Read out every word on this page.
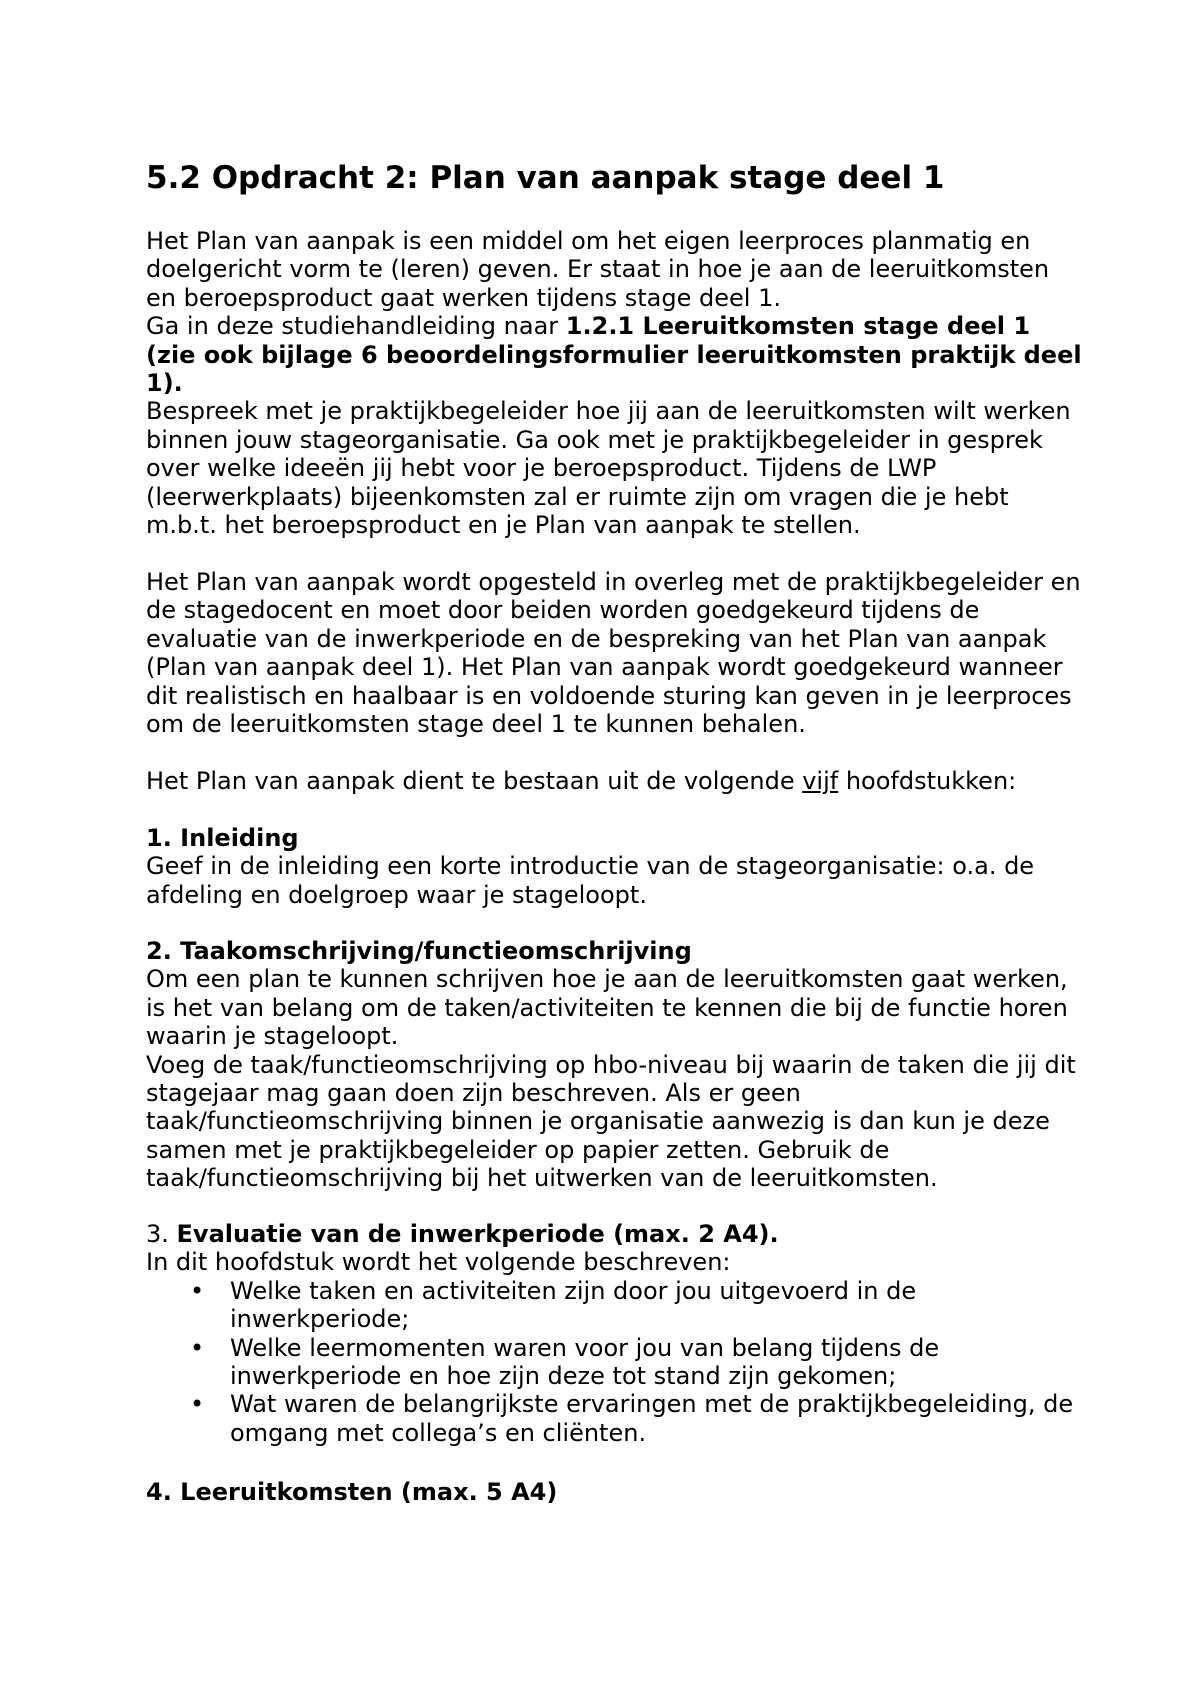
5.2 Opdracht 2: Plan van aanpak stage deel 1
Het Plan van aanpak is een middel om het eigen leerproces planmatig en doelgericht vorm te (leren) geven. Er staat in hoe je aan de leeruitkomsten en beroepsproduct gaat werken tijdens stage deel 1.
Ga in deze studiehandleiding naar 1.2.1 Leeruitkomsten stage deel 1 (zie ook bijlage 6 beoordelingsformulier leeruitkomsten praktijk deel 1).
Bespreek met je praktijkbegeleider hoe jij aan de leeruitkomsten wilt werken binnen jouw stageorganisatie. Ga ook met je praktijkbegeleider in gesprek over welke ideeën jij hebt voor je beroepsproduct. Tijdens de LWP (leerwerkplaats) bijeenkomsten zal er ruimte zijn om vragen die je hebt m.b.t. het beroepsproduct en je Plan van aanpak te stellen.
Het Plan van aanpak wordt opgesteld in overleg met de praktijkbegeleider en de stagedocent en moet door beiden worden goedgekeurd tijdens de evaluatie van de inwerkperiode en de bespreking van het Plan van aanpak (Plan van aanpak deel 1). Het Plan van aanpak wordt goedgekeurd wanneer dit realistisch en haalbaar is en voldoende sturing kan geven in je leerproces om de leeruitkomsten stage deel 1 te kunnen behalen.
Het Plan van aanpak dient te bestaan uit de volgende vijf hoofdstukken:
1. Inleiding
Geef in de inleiding een korte introductie van de stageorganisatie: o.a. de afdeling en doelgroep waar je stageloopt.
2. Taakomschrijving/functieomschrijving
Om een plan te kunnen schrijven hoe je aan de leeruitkomsten gaat werken, is het van belang om de taken/activiteiten te kennen die bij de functie horen waarin je stageloopt.
Voeg de taak/functieomschrijving op hbo-niveau bij waarin de taken die jij dit stagejaar mag gaan doen zijn beschreven. Als er geen taak/functieomschrijving binnen je organisatie aanwezig is dan kun je deze samen met je praktijkbegeleider op papier zetten. Gebruik de taak/functieomschrijving bij het uitwerken van de leeruitkomsten.
3. Evaluatie van de inwerkperiode (max. 2 A4).
In dit hoofdstuk wordt het volgende beschreven:
• Welke taken en activiteiten zijn door jou uitgevoerd in de inwerkperiode;
• Welke leermomenten waren voor jou van belang tijdens de inwerkperiode en hoe zijn deze tot stand zijn gekomen;
• Wat waren de belangrijkste ervaringen met de praktijkbegeleiding, de omgang met collega’s en cliënten.
4. Leeruitkomsten (max. 5 A4)
